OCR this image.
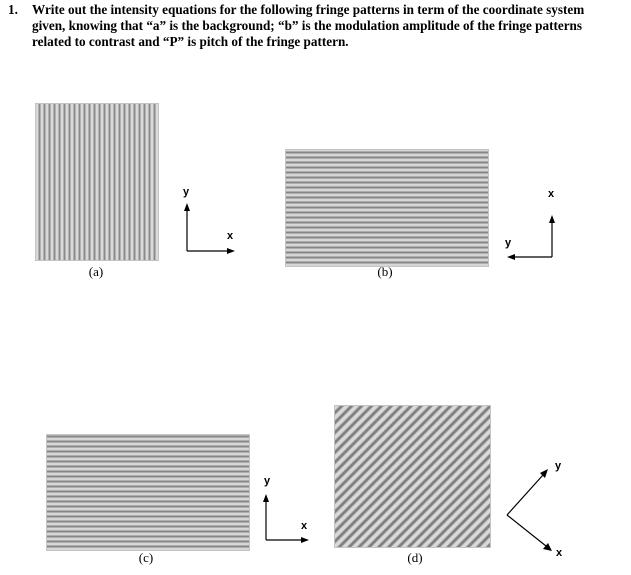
1. Write out the intensity equations for the following fringe patterns in term of the coordinate system given, knowing that “a” is the background; “b” is the modulation amplitude of the fringe patterns related to contrast and “P” is pitch of the fringe pattern.
(a)
y
x
(b)
x
y
(c)
y
x
(d)
y
x
